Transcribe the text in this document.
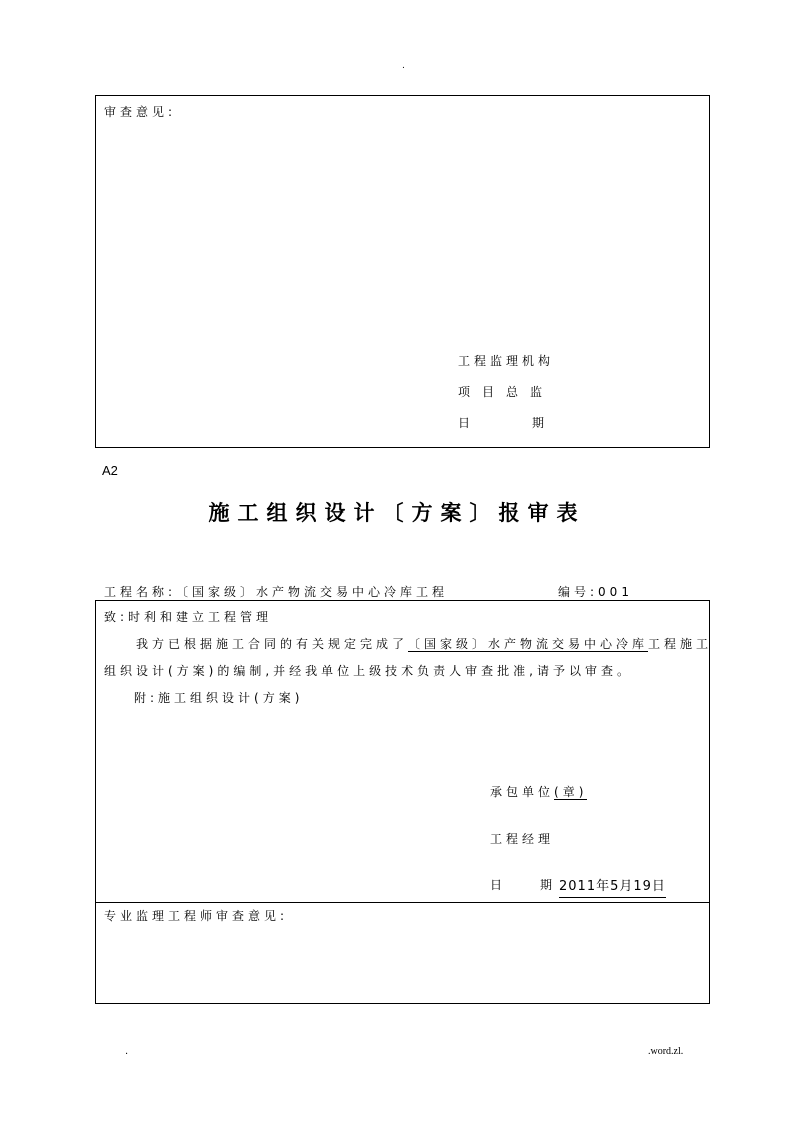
.
审查意见:
工程监理机构
项目总监
日	期
A2
施工组织设计〔方案〕报审表
工程名称:〔国家级〕水产物流交易中心冷库工程	编号:001
致:时利和建立工程管理
我方已根据施工合同的有关规定完成了〔国家级〕水产物流交易中心冷库工程施工
组织设计(方案)的编制,并经我单位上级技术负责人审查批准,请予以审查。
附:施工组织设计(方案)
承包单位(章)
工程经理
日	期 2011年5月19日
专业监理工程师审查意见:
.	.word.zl.
